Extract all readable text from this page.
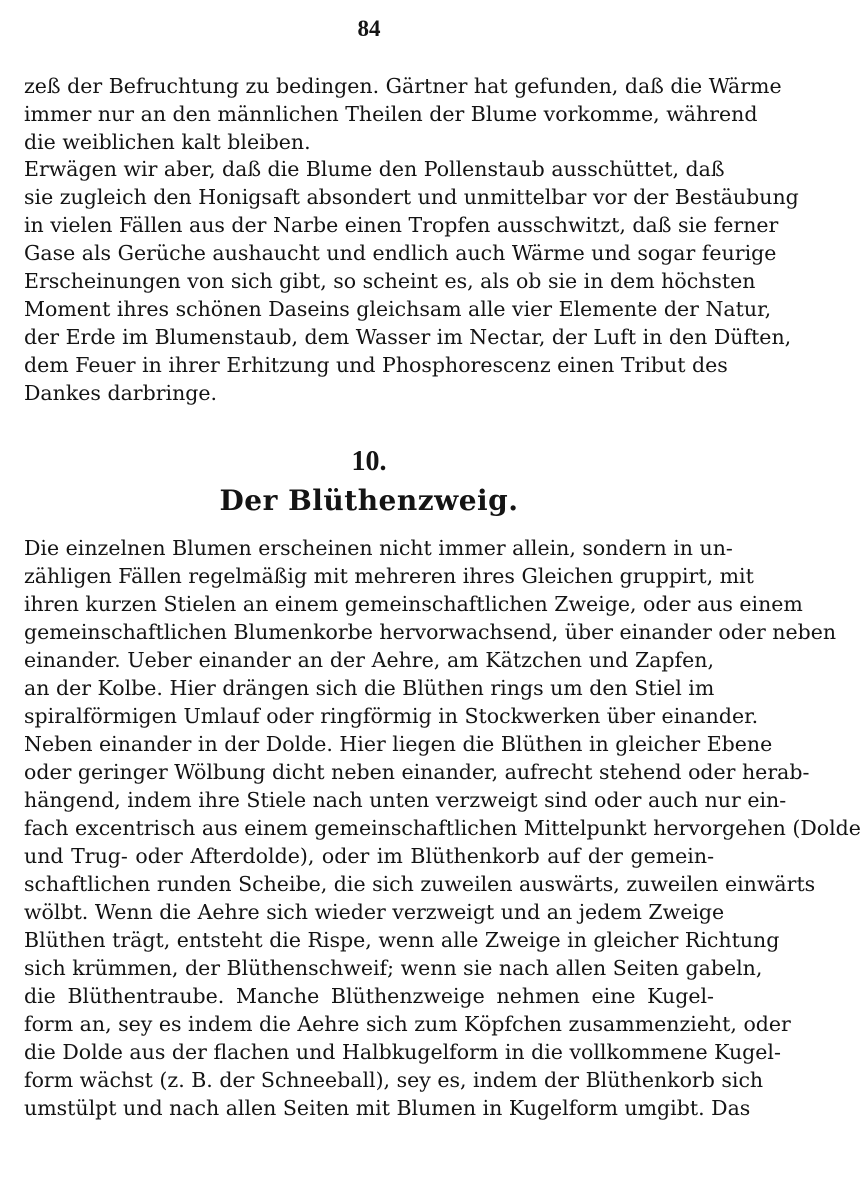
84
zeß der Befruchtung zu bedingen. Gärtner hat gefunden, daß die Wärme
immer nur an den männlichen Theilen der Blume vorkomme, während
die weiblichen kalt bleiben.
Erwägen wir aber, daß die Blume den Pollenstaub ausschüttet, daß
sie zugleich den Honigsaft absondert und unmittelbar vor der Bestäubung
in vielen Fällen aus der Narbe einen Tropfen ausschwitzt, daß sie ferner
Gase als Gerüche aushaucht und endlich auch Wärme und sogar feurige
Erscheinungen von sich gibt, so scheint es, als ob sie in dem höchsten
Moment ihres schönen Daseins gleichsam alle vier Elemente der Natur,
der Erde im Blumenstaub, dem Wasser im Nectar, der Luft in den Düften,
dem Feuer in ihrer Erhitzung und Phosphorescenz einen Tribut des
Dankes darbringe.
10.
Der Blüthenzweig.
Die einzelnen Blumen erscheinen nicht immer allein, sondern in un-
zähligen Fällen regelmäßig mit mehreren ihres Gleichen gruppirt, mit
ihren kurzen Stielen an einem gemeinschaftlichen Zweige, oder aus einem
gemeinschaftlichen Blumenkorbe hervorwachsend, über einander oder neben
einander. Ueber einander an der Aehre, am Kätzchen und Zapfen,
an der Kolbe. Hier drängen sich die Blüthen rings um den Stiel im
spiralförmigen Umlauf oder ringförmig in Stockwerken über einander.
Neben einander in der Dolde. Hier liegen die Blüthen in gleicher Ebene
oder geringer Wölbung dicht neben einander, aufrecht stehend oder herab-
hängend, indem ihre Stiele nach unten verzweigt sind oder auch nur ein-
fach excentrisch aus einem gemeinschaftlichen Mittelpunkt hervorgehen (Dolde
und Trug- oder Afterdolde), oder im Blüthenkorb auf der gemein-
schaftlichen runden Scheibe, die sich zuweilen auswärts, zuweilen einwärts
wölbt. Wenn die Aehre sich wieder verzweigt und an jedem Zweige
Blüthen trägt, entsteht die Rispe, wenn alle Zweige in gleicher Richtung
sich krümmen, der Blüthenschweif; wenn sie nach allen Seiten gabeln,
die Blüthentraube. Manche Blüthenzweige nehmen eine Kugel-
form an, sey es indem die Aehre sich zum Köpfchen zusammenzieht, oder
die Dolde aus der flachen und Halbkugelform in die vollkommene Kugel-
form wächst (z. B. der Schneeball), sey es, indem der Blüthenkorb sich
umstülpt und nach allen Seiten mit Blumen in Kugelform umgibt. Das
